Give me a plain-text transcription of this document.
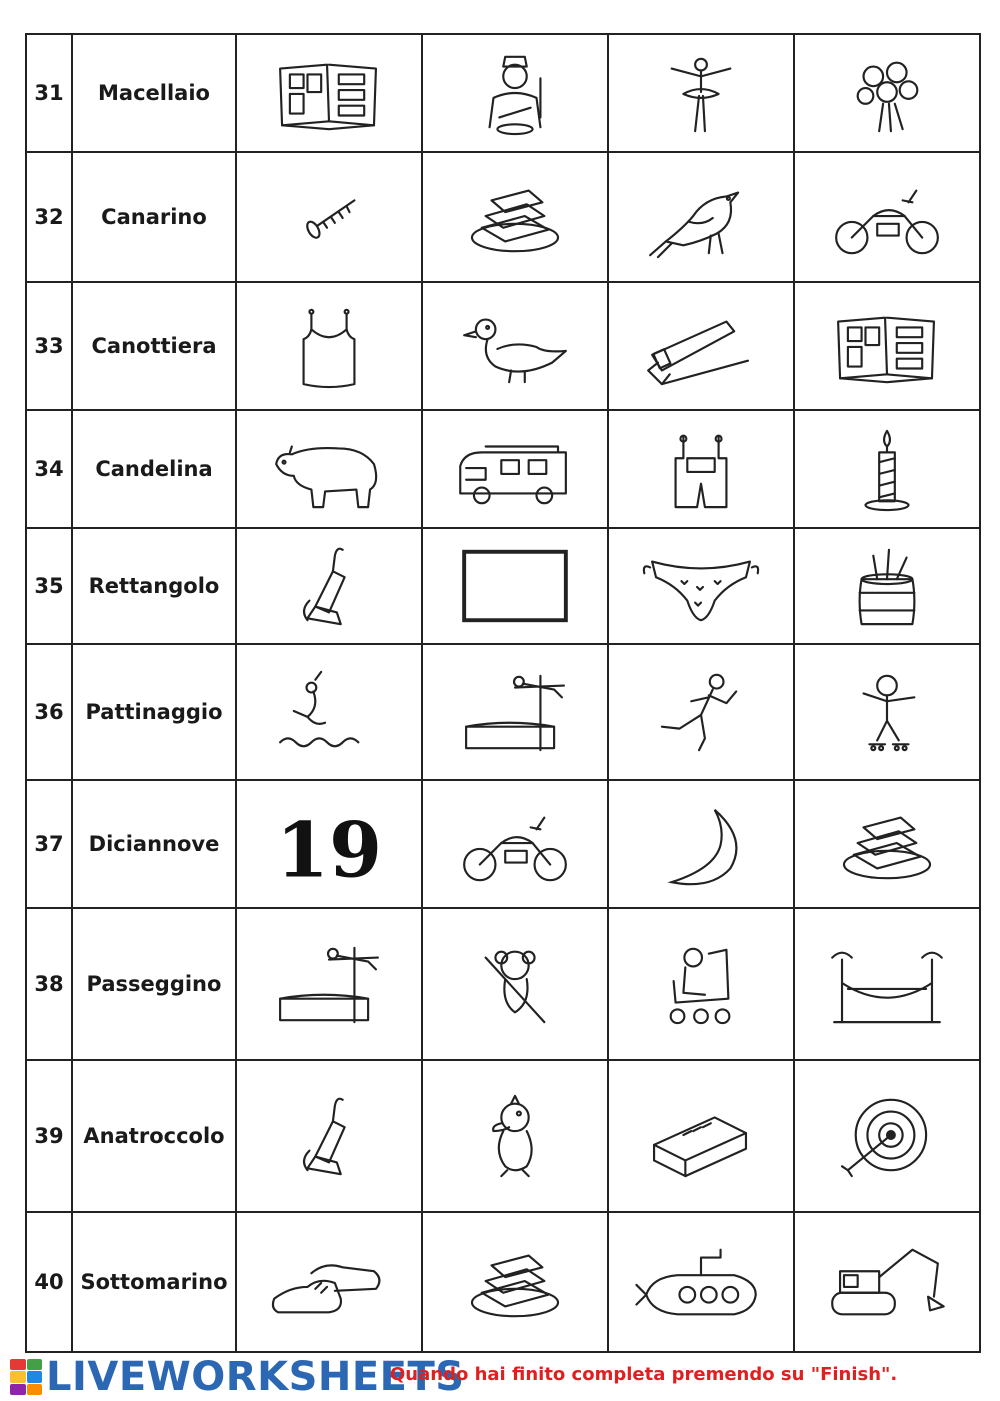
31	Macellaio
32	Canarino
33	Canottiera
34	Candelina
35	Rettangolo
36	Pattinaggio
37	Diciannove 19
38	Passeggino
39 Anatroccolo
40 Sottomarino
LIVEWORKSHEETS
Quando hai finito completa premendo su "Finish".
